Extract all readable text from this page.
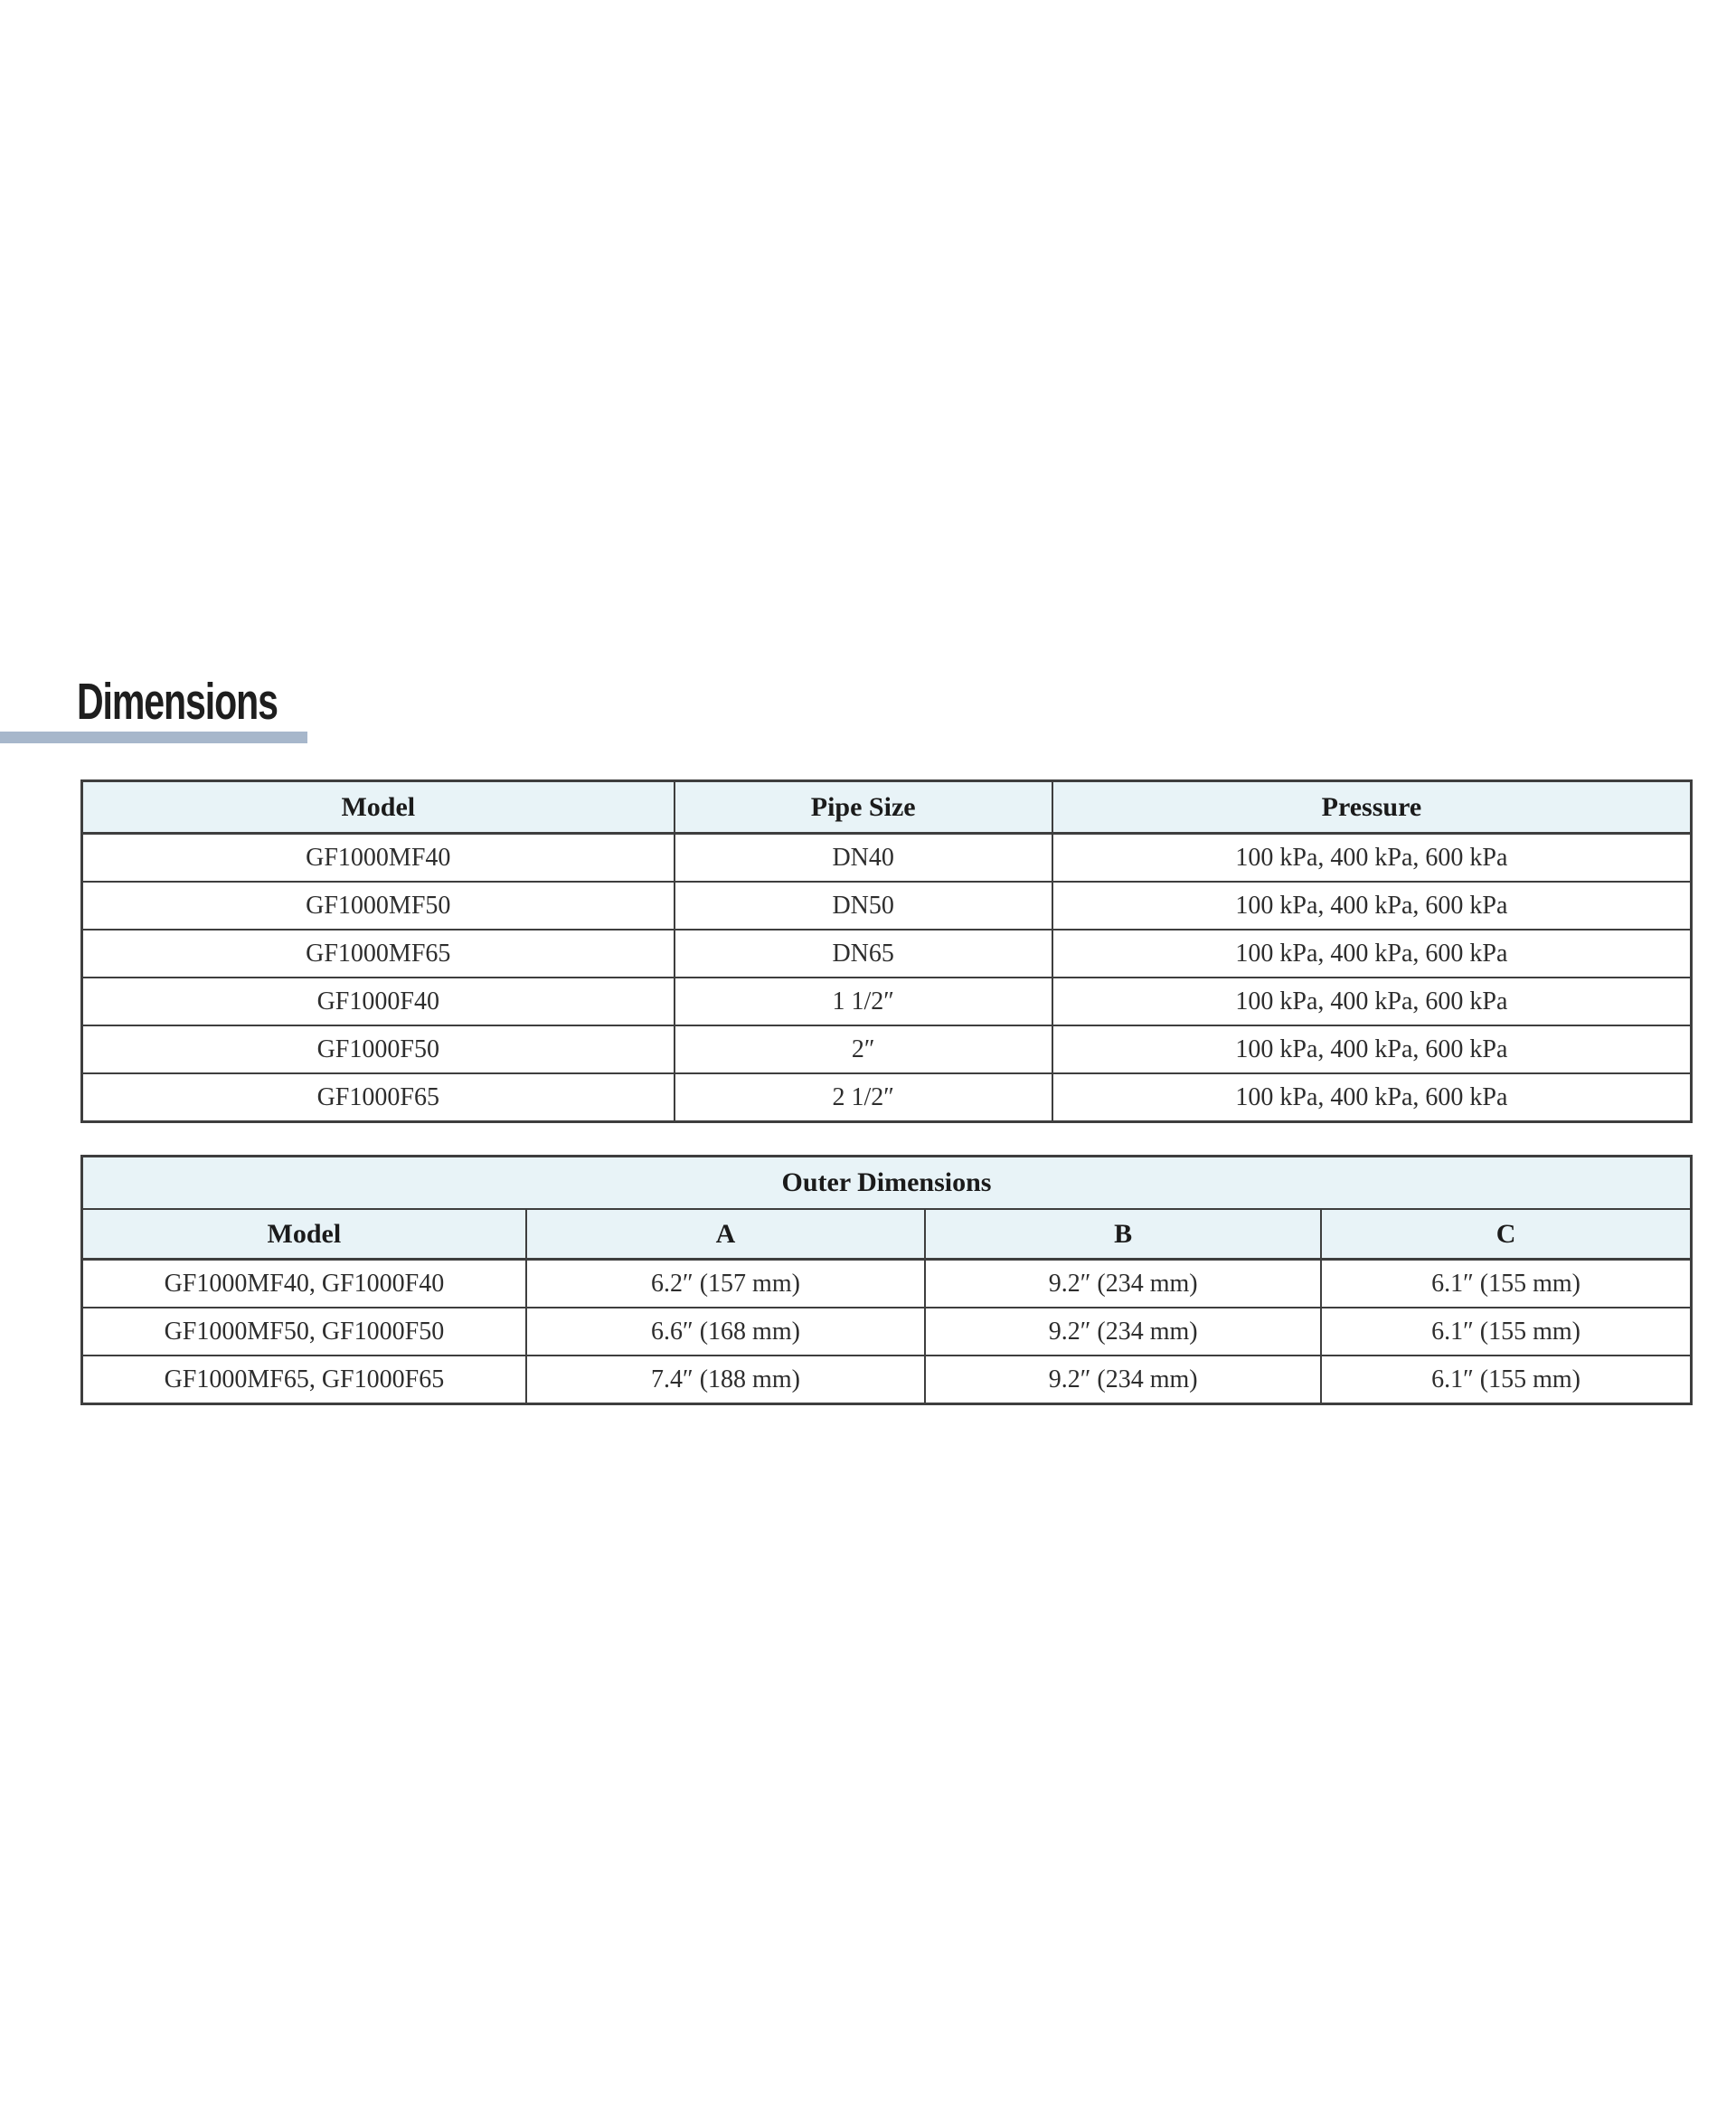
Dimensions
Model	Pipe Size	Pressure
GF1000MF40	DN40	100 kPa, 400 kPa, 600 kPa
GF1000MF50	DN50	100 kPa, 400 kPa, 600 kPa
GF1000MF65	DN65	100 kPa, 400 kPa, 600 kPa
GF1000F40	1 1/2″	100 kPa, 400 kPa, 600 kPa
GF1000F50	2″	100 kPa, 400 kPa, 600 kPa
GF1000F65	2 1/2″	100 kPa, 400 kPa, 600 kPa
Outer Dimensions			
Model	A	B	C
GF1000MF40, GF1000F40	6.2″ (157 mm)	9.2″ (234 mm)	6.1″ (155 mm)
GF1000MF50, GF1000F50	6.6″ (168 mm)	9.2″ (234 mm)	6.1″ (155 mm)
GF1000MF65, GF1000F65	7.4″ (188 mm)	9.2″ (234 mm)	6.1″ (155 mm)
